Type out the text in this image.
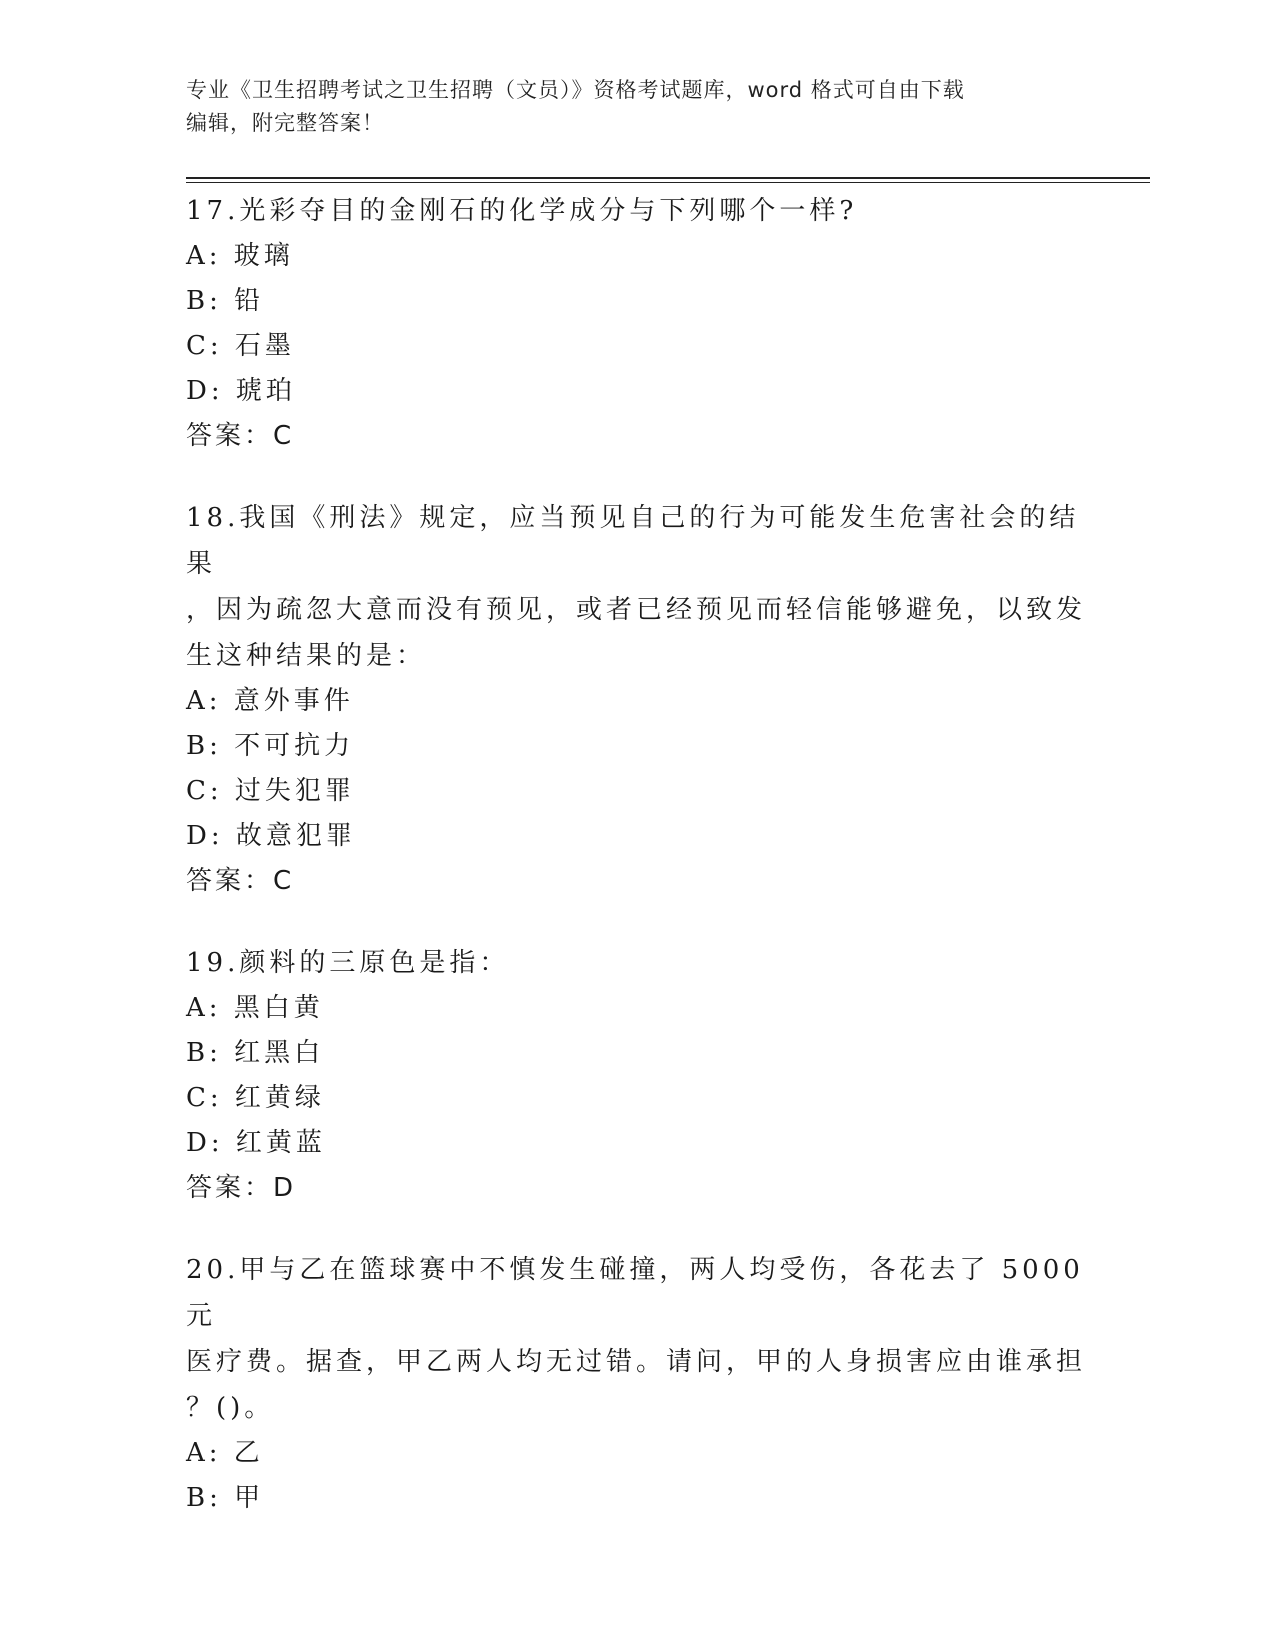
专业《卫生招聘考试之卫生招聘（文员）》资格考试题库，word 格式可自由下载
编辑，附完整答案！

17.光彩夺目的金刚石的化学成分与下列哪个一样?

A: 玻璃

B: 铅

C: 石墨

D: 琥珀

答案：C

18.我国《刑法》规定，应当预见自己的行为可能发生危害社会的结果

，因为疏忽大意而没有预见，或者已经预见而轻信能够避免，以致发

生这种结果的是：

A: 意外事件

B: 不可抗力

C: 过失犯罪

D: 故意犯罪

答案：C

19.颜料的三原色是指：

A: 黑白黄

B: 红黑白

C: 红黄绿

D: 红黄蓝

答案：D

20.甲与乙在篮球赛中不慎发生碰撞，两人均受伤，各花去了 5000 元

医疗费。据查，甲乙两人均无过错。请问，甲的人身损害应由谁承担

？()。

A: 乙

B: 甲
